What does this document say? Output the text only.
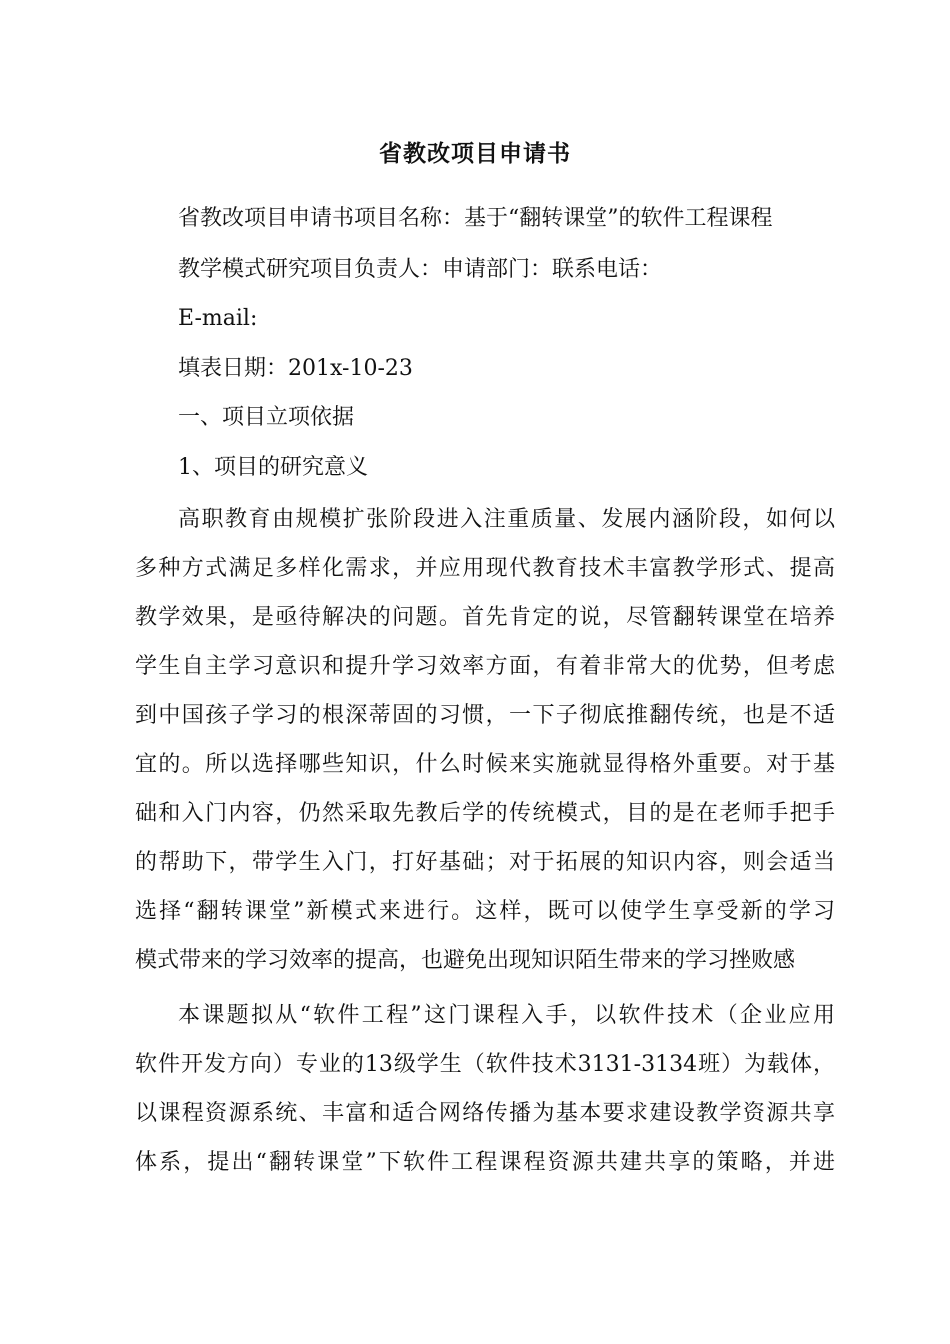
省教改项目申请书
省教改项目申请书项目名称：基于“翻转课堂”的软件工程课程
教学模式研究项目负责人：申请部门：联系电话：
E-mail:
填表日期：201x-10-23
一、项目立项依据
1、项目的研究意义
高职教育由规模扩张阶段进入注重质量、发展内涵阶段，如何以
多种方式满足多样化需求，并应用现代教育技术丰富教学形式、提高
教学效果，是亟待解决的问题。首先肯定的说，尽管翻转课堂在培养
学生自主学习意识和提升学习效率方面，有着非常大的优势，但考虑
到中国孩子学习的根深蒂固的习惯，一下子彻底推翻传统，也是不适
宜的。所以选择哪些知识，什么时候来实施就显得格外重要。对于基
础和入门内容，仍然采取先教后学的传统模式，目的是在老师手把手
的帮助下，带学生入门，打好基础；对于拓展的知识内容，则会适当
选择“翻转课堂”新模式来进行。这样，既可以使学生享受新的学习
模式带来的学习效率的提高，也避免出现知识陌生带来的学习挫败感
本课题拟从“软件工程”这门课程入手，以软件技术（企业应用
软件开发方向）专业的13级学生（软件技术3131-3134班）为载体，
以课程资源系统、丰富和适合网络传播为基本要求建设教学资源共享
体系，提出“翻转课堂”下软件工程课程资源共建共享的策略，并进
